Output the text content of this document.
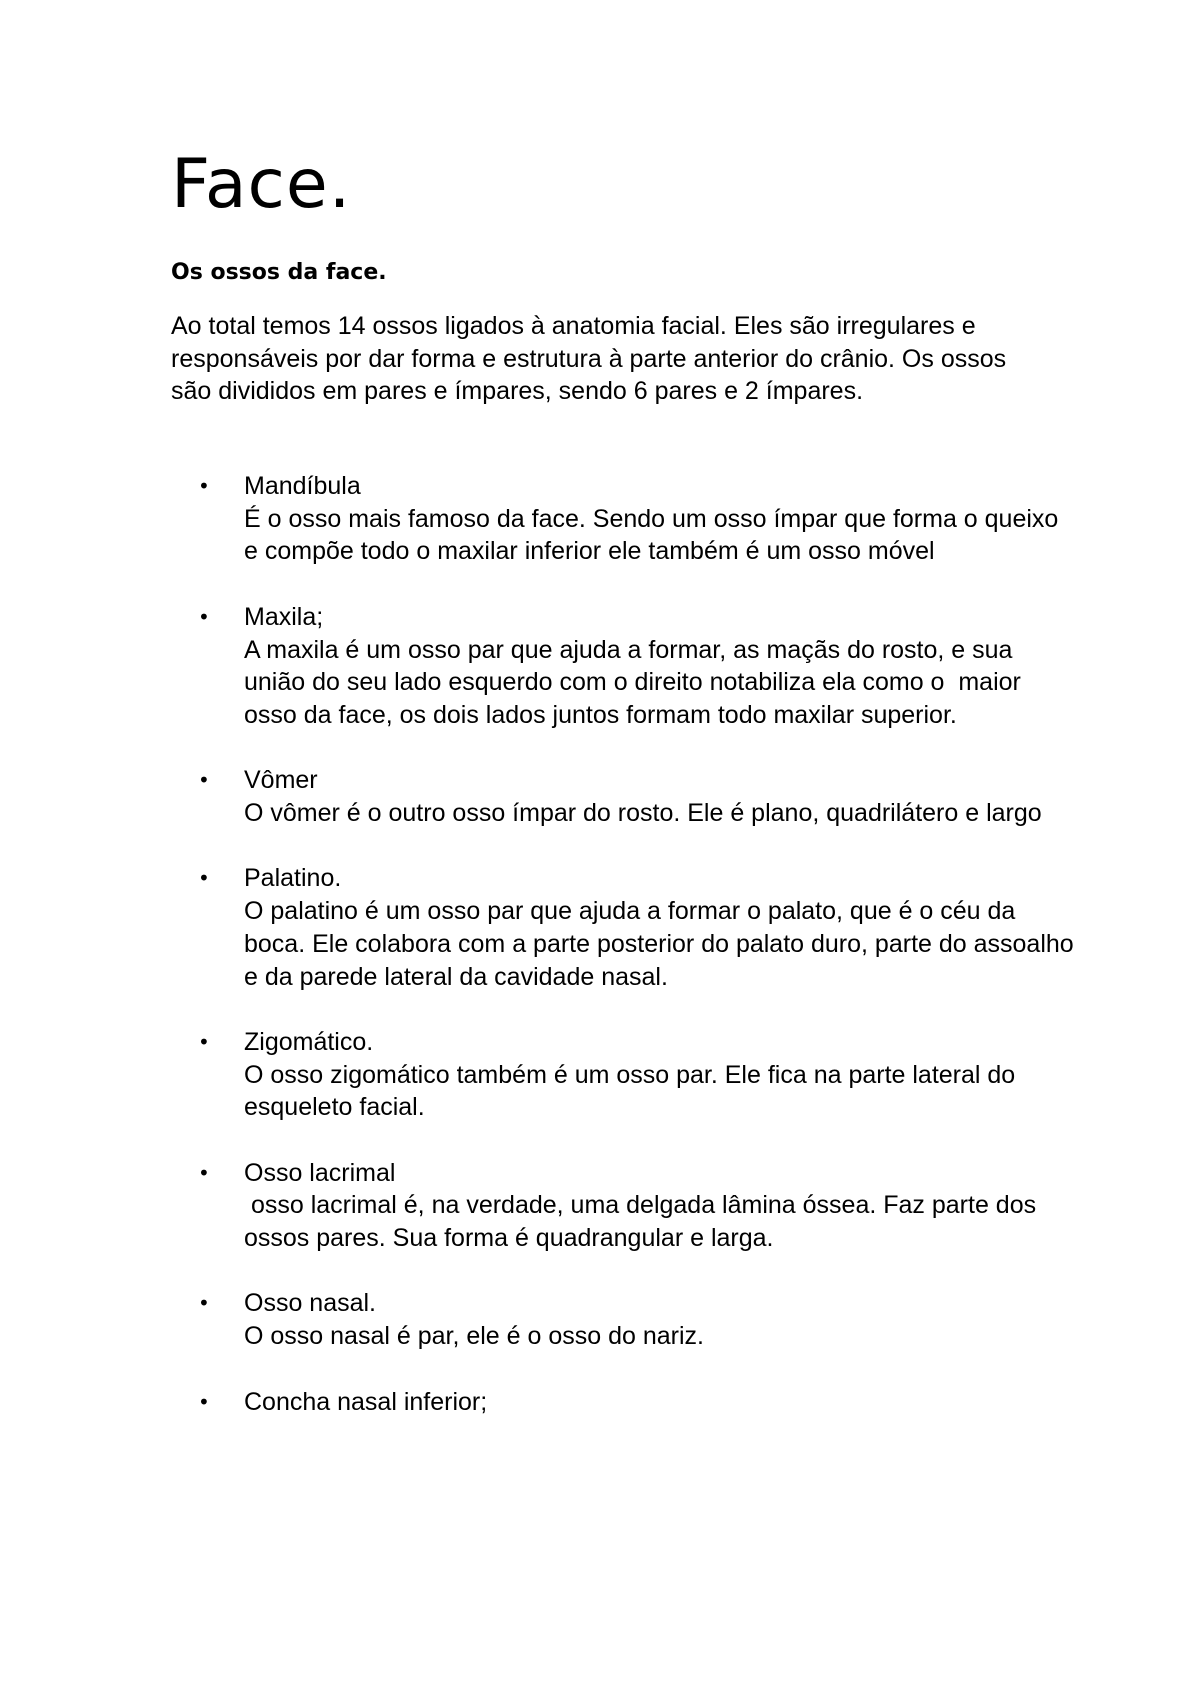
Face.
Os ossos da face.

Ao total temos 14 ossos ligados à anatomia facial. Eles são irregulares e responsáveis por dar forma e estrutura à parte anterior do crânio. Os ossos são divididos em pares e ímpares, sendo 6 pares e 2 ímpares.

• Mandíbula
É o osso mais famoso da face. Sendo um osso ímpar que forma o queixo e compõe todo o maxilar inferior ele também é um osso móvel
• Maxila;
A maxila é um osso par que ajuda a formar, as maçãs do rosto, e sua união do seu lado esquerdo com o direito notabiliza ela como o  maior osso da face, os dois lados juntos formam todo maxilar superior.
• Vômer
O vômer é o outro osso ímpar do rosto. Ele é plano, quadrilátero e largo
• Palatino.
O palatino é um osso par que ajuda a formar o palato, que é o céu da boca. Ele colabora com a parte posterior do palato duro, parte do assoalho e da parede lateral da cavidade nasal.
• Zigomático.
O osso zigomático também é um osso par. Ele fica na parte lateral do esqueleto facial.
• Osso lacrimal
osso lacrimal é, na verdade, uma delgada lâmina óssea. Faz parte dos ossos pares. Sua forma é quadrangular e larga.
• Osso nasal.
O osso nasal é par, ele é o osso do nariz.
• Concha nasal inferior;
